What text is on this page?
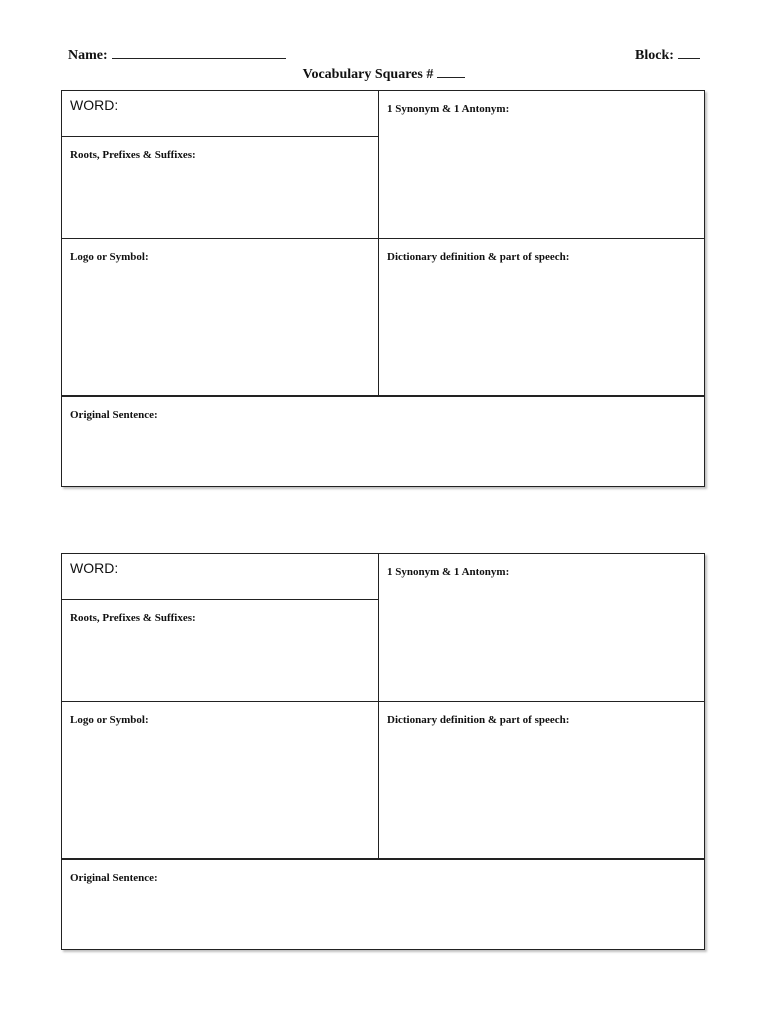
Name:	Block:
Vocabulary Squares #
WORD:
Roots, Prefixes & Suffixes:
1 Synonym & 1 Antonym:
Logo or Symbol:	Dictionary definition & part of speech:
Original Sentence:
WORD:
Roots, Prefixes & Suffixes:
1 Synonym & 1 Antonym:
Logo or Symbol:	Dictionary definition & part of speech:
Original Sentence:
